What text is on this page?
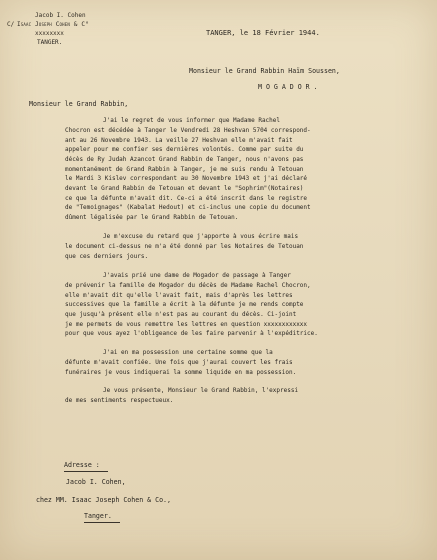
Jacob I. Cohen
C/ Isaac Joseph Cohen & C°
xxxxxxxx
TANGER.
TANGER, le 18 Février 1944.
Monsieur le Grand Rabbin Haïm Soussen,
M O G A D O R .
Monsieur le Grand Rabbin,
J'ai le regret de vous informer que Madame Rachel
Chocron est décédée à Tanger le Vendredi 28 Heshvan 5704 correspond-
ant au 26 Novembre 1943. La veille 27 Heshvan elle m'avait fait
appeler pour me confier ses dernières volontés. Comme par suite du
décès de Ry Judah Azancot Grand Rabbin de Tanger, nous n'avons pas
momentanément de Grand Rabbin à Tanger, je me suis rendu à Tetouan
le Mardi 3 Kislev correspondant au 30 Novembre 1943 et j'ai déclaré
devant le Grand Rabbin de Tetouan et devant le "Sophrim"(Notaires)
ce que la défunte m'avait dit. Ce-ci a été inscrit dans le registre
de "Temoignages" (Kabalat Hedout) et ci-inclus une copie du document
dûment légalisée par le Grand Rabbin de Tetouan.
Je m'excuse du retard que j'apporte à vous écrire mais
le document ci-dessus ne m'a été donné par les Notaires de Tetouan
que ces derniers jours.
J'avais prié une dame de Mogador de passage à Tanger
de prévenir la famille de Mogador du décès de Madame Rachel Chocron,
elle m'avait dit qu'elle l'avait fait, mais d'après les lettres
successives que la famille a écrit à la défunte je me rends compte
que jusqu'à présent elle n'est pas au courant du décès. Ci-joint
je me permets de vous remettre les lettres en question xxxxxxxxxxxx
pour que vous ayez l'obligeance de les faire parvenir à l'expéditrice.
J'ai en ma possession une certaine somme que la
défunte m'avait confiée. Une fois que j'aurai couvert les frais
funéraires je vous indiquerai la somme liquide en ma possession.
Je vous présente, Monsieur le Grand Rabbin, l'expressi
de mes sentiments respectueux.
Adresse :
Jacob I. Cohen,
chez MM. Isaac Joseph Cohen & Co.,
Tanger.
